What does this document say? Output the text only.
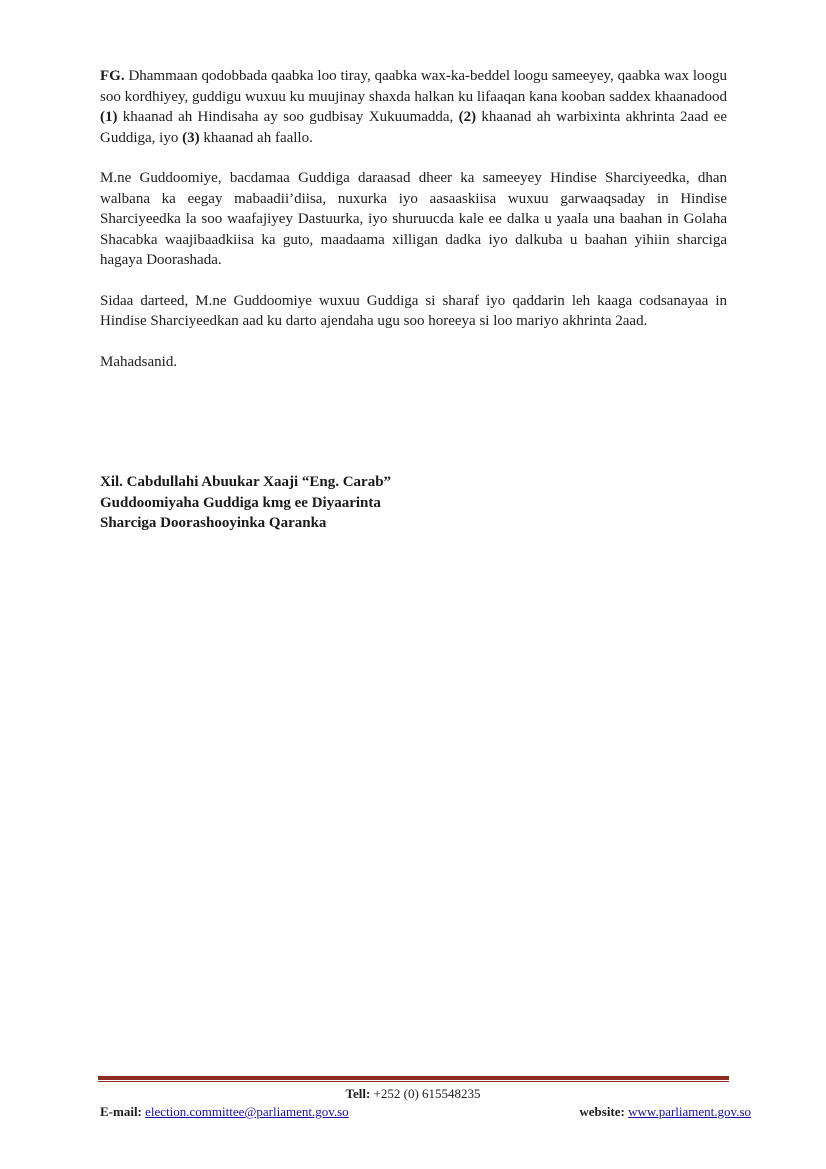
FG. Dhammaan qodobbada qaabka loo tiray, qaabka wax-ka-beddel loogu sameeyey, qaabka wax loogu soo kordhiyey, guddigu wuxuu ku muujinay shaxda halkan ku lifaaqan kana kooban saddex khaanadood (1) khaanad ah Hindisaha ay soo gudbisay Xukuumadda, (2) khaanad ah warbixinta akhrinta 2aad ee Guddiga, iyo (3) khaanad ah faallo.

M.ne Guddoomiye, bacdamaa Guddiga daraasad dheer ka sameeyey Hindise Sharciyeedka, dhan walbana ka eegay mabaadii’diisa, nuxurka iyo aasaaskiisa wuxuu garwaaqsaday in Hindise Sharciyeedka la soo waafajiyey Dastuurka, iyo shuruucda kale ee dalka u yaala una baahan in Golaha Shacabka waajibaadkiisa ka guto, maadaama xilligan dadka iyo dalkuba u baahan yihiin sharciga hagaya Doorashada.

Sidaa darteed, M.ne Guddoomiye wuxuu Guddiga si sharaf iyo qaddarin leh kaaga codsanayaa in Hindise Sharciyeedkan aad ku darto ajendaha ugu soo horeeya si loo mariyo akhrinta 2aad.

Mahadsanid.

Xil. Cabdullahi Abuukar Xaaji “Eng. Carab”
Guddoomiyaha Guddiga kmg ee Diyaarinta
Sharciga Doorashooyinka Qaranka
Tell: +252 (0) 615548235
E-mail: election.committee@parliament.gov.so	website: www.parliament.gov.so
